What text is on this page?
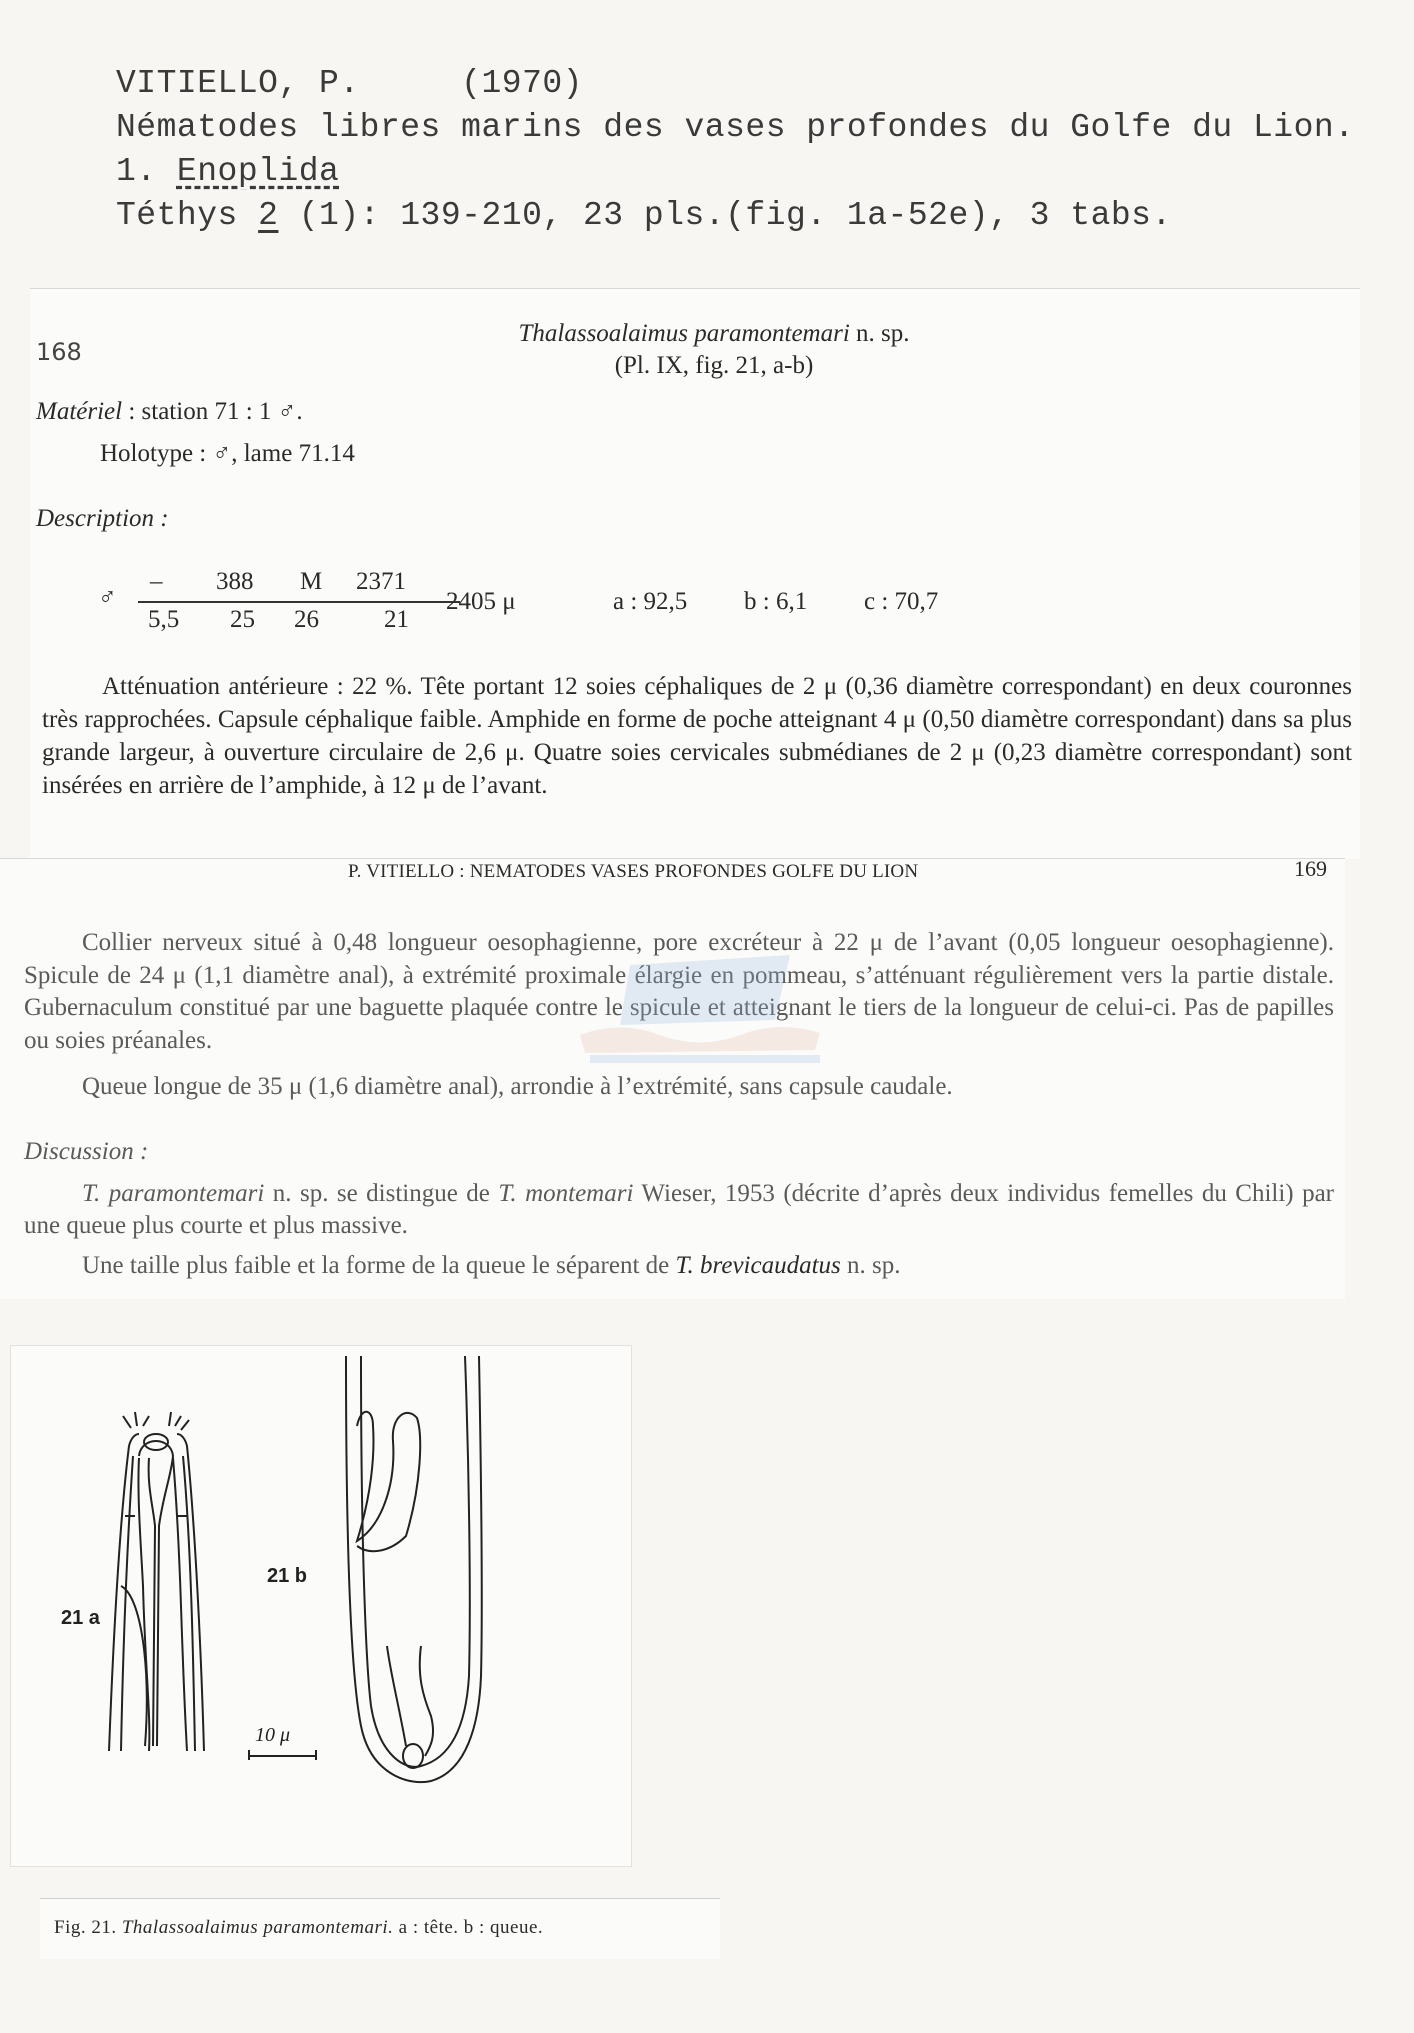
VITIELLO, P.     (1970)
Nématodes libres marins des vases profondes du Golfe du Lion.
1. Enoplida
Téthys 2 (1): 139-210, 23 pls.(fig. 1a-52e), 3 tabs.
168
Thalassoalaimus paramontemari n. sp.
(Pl. IX, fig. 21, a-b)
Matériel : station 71 : 1 ♂.
Holotype : ♂, lame 71.14
Description :
♂
– 388 M 2371
5,5 25 26	21
2405 μ	a : 92,5 b : 6,1 c : 70,7
Atténuation antérieure : 22 %. Tête portant 12 soies céphaliques de 2 μ (0,36 diamètre correspondant) en deux couronnes très rapprochées. Capsule céphalique faible. Amphide en forme de poche atteignant 4 μ (0,50 diamètre correspondant) dans sa plus grande largeur, à ouverture circulaire de 2,6 μ. Quatre soies cervicales submédianes de 2 μ (0,23 diamètre correspondant) sont insérées en arrière de l’amphide, à 12 μ de l’avant.
P. VITIELLO : NEMATODES VASES PROFONDES GOLFE DU LION	169
Collier nerveux situé à 0,48 longueur oesophagienne, pore excréteur à 22 μ de l’avant (0,05 longueur oesophagienne). Spicule de 24 μ (1,1 diamètre anal), à extrémité proximale élargie en pommeau, s’atténuant régulièrement vers la partie distale. Gubernaculum constitué par une baguette plaquée contre le spicule et atteignant le tiers de la longueur de celui-ci. Pas de papilles ou soies préanales.
Queue longue de 35 μ (1,6 diamètre anal), arrondie à l’extrémité, sans capsule caudale.
Discussion :
T. paramontemari n. sp. se distingue de T. montemari Wieser, 1953 (décrite d’après deux individus femelles du Chili) par une queue plus courte et plus massive.
Une taille plus faible et la forme de la queue le séparent de T. brevicaudatus n. sp.
21 a
21 b
10 μ
Fig. 21. Thalassoalaimus paramontemari. a : tête. b : queue.
